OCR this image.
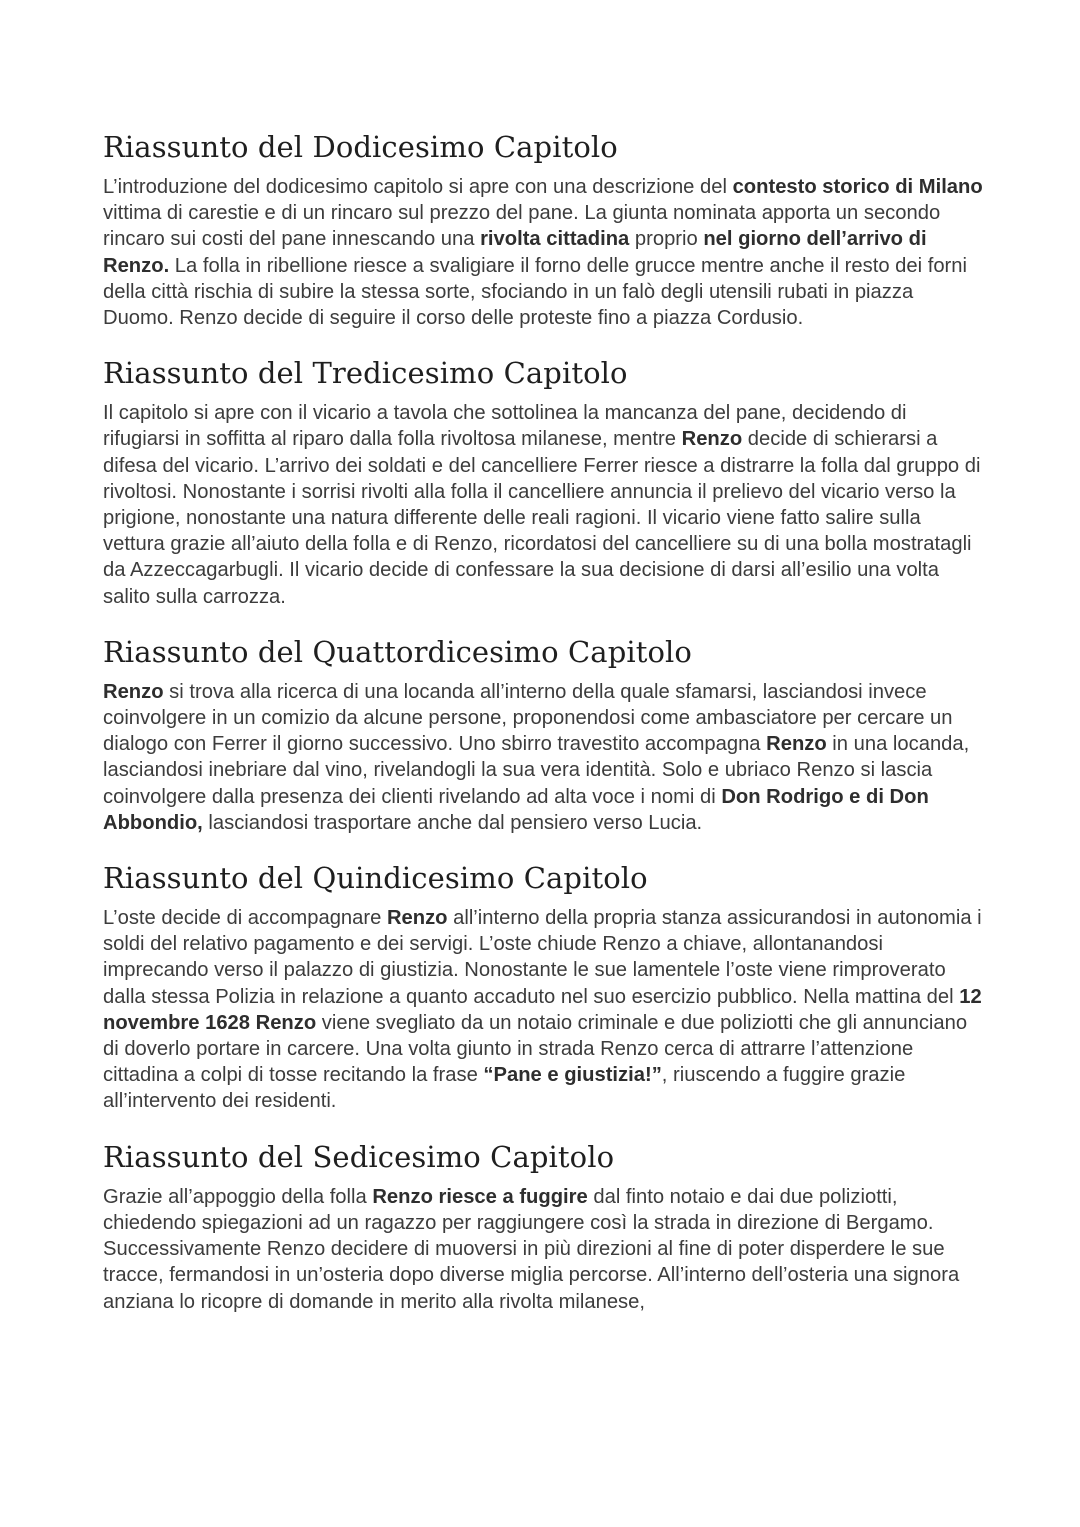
Riassunto del Dodicesimo Capitolo

L’introduzione del dodicesimo capitolo si apre con una descrizione del contesto storico di Milano vittima di carestie e di un rincaro sul prezzo del pane. La giunta nominata apporta un secondo rincaro sui costi del pane innescando una rivolta cittadina proprio nel giorno dell’arrivo di Renzo. La folla in ribellione riesce a svaligiare il forno delle grucce mentre anche il resto dei forni della città rischia di subire la stessa sorte, sfociando in un falò degli utensili rubati in piazza Duomo. Renzo decide di seguire il corso delle proteste fino a piazza Cordusio.

Riassunto del Tredicesimo Capitolo

Il capitolo si apre con il vicario a tavola che sottolinea la mancanza del pane, decidendo di rifugiarsi in soffitta al riparo dalla folla rivoltosa milanese, mentre Renzo decide di schierarsi a difesa del vicario. L’arrivo dei soldati e del cancelliere Ferrer riesce a distrarre la folla dal gruppo di rivoltosi. Nonostante i sorrisi rivolti alla folla il cancelliere annuncia il prelievo del vicario verso la prigione, nonostante una natura differente delle reali ragioni. Il vicario viene fatto salire sulla vettura grazie all’aiuto della folla e di Renzo, ricordatosi del cancelliere su di una bolla mostratagli da Azzeccagarbugli. Il vicario decide di confessare la sua decisione di darsi all’esilio una volta salito sulla carrozza.

Riassunto del Quattordicesimo Capitolo

Renzo si trova alla ricerca di una locanda all’interno della quale sfamarsi, lasciandosi invece coinvolgere in un comizio da alcune persone, proponendosi come ambasciatore per cercare un dialogo con Ferrer il giorno successivo. Uno sbirro travestito accompagna Renzo in una locanda, lasciandosi inebriare dal vino, rivelandogli la sua vera identità. Solo e ubriaco Renzo si lascia coinvolgere dalla presenza dei clienti rivelando ad alta voce i nomi di Don Rodrigo e di Don Abbondio, lasciandosi trasportare anche dal pensiero verso Lucia.

Riassunto del Quindicesimo Capitolo

L’oste decide di accompagnare Renzo all’interno della propria stanza assicurandosi in autonomia i soldi del relativo pagamento e dei servigi. L’oste chiude Renzo a chiave, allontanandosi imprecando verso il palazzo di giustizia. Nonostante le sue lamentele l’oste viene rimproverato dalla stessa Polizia in relazione a quanto accaduto nel suo esercizio pubblico. Nella mattina del 12 novembre 1628 Renzo viene svegliato da un notaio criminale e due poliziotti che gli annunciano di doverlo portare in carcere. Una volta giunto in strada Renzo cerca di attrarre l’attenzione cittadina a colpi di tosse recitando la frase “Pane e giustizia!”, riuscendo a fuggire grazie all’intervento dei residenti.

Riassunto del Sedicesimo Capitolo

Grazie all’appoggio della folla Renzo riesce a fuggire dal finto notaio e dai due poliziotti, chiedendo spiegazioni ad un ragazzo per raggiungere così la strada in direzione di Bergamo. Successivamente Renzo decidere di muoversi in più direzioni al fine di poter disperdere le sue tracce, fermandosi in un’osteria dopo diverse miglia percorse. All’interno dell’osteria una signora anziana lo ricopre di domande in merito alla rivolta milanese,
